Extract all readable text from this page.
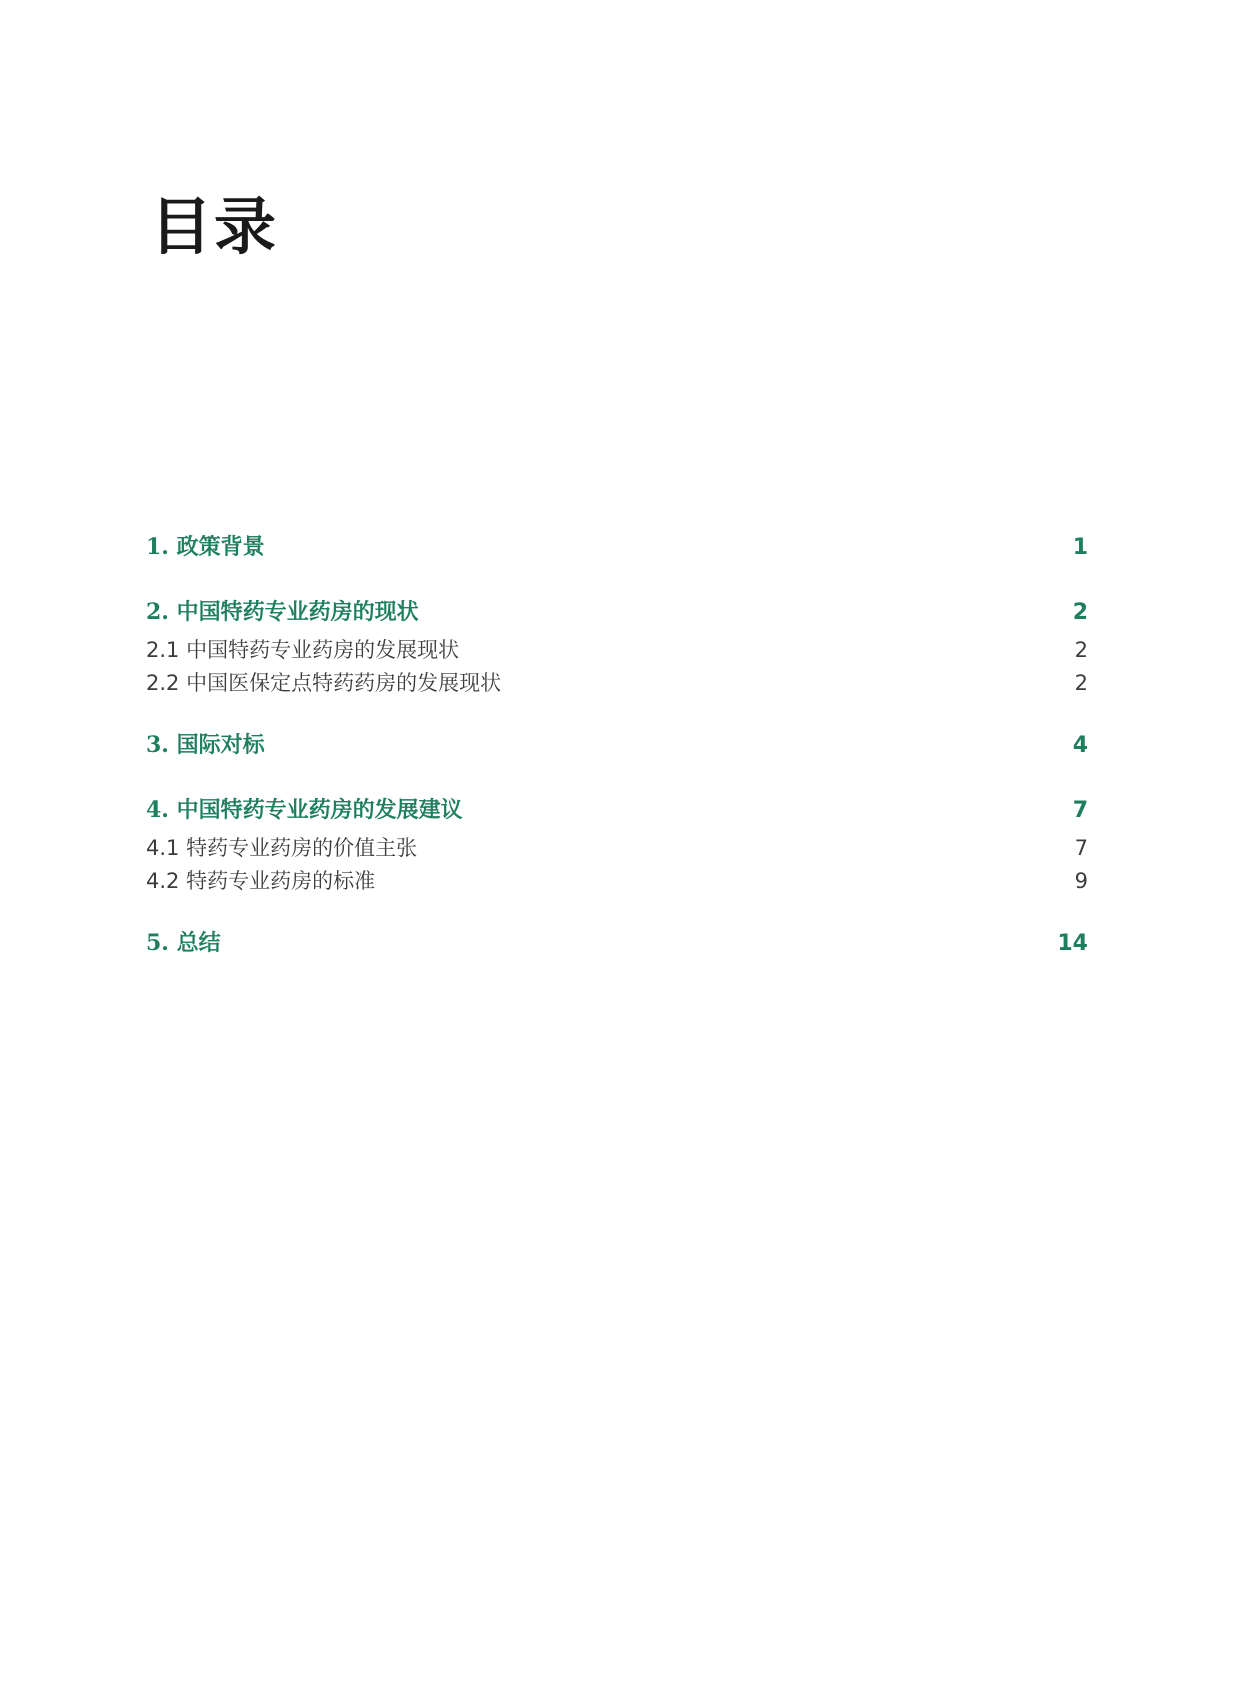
目录
1. 政策背景	1
2. 中国特药专业药房的现状	2
2.1 中国特药专业药房的发展现状	2
2.2 中国医保定点特药药房的发展现状	2
3. 国际对标	4
4. 中国特药专业药房的发展建议	7
4.1 特药专业药房的价值主张	7
4.2 特药专业药房的标准	9
5. 总结	14
